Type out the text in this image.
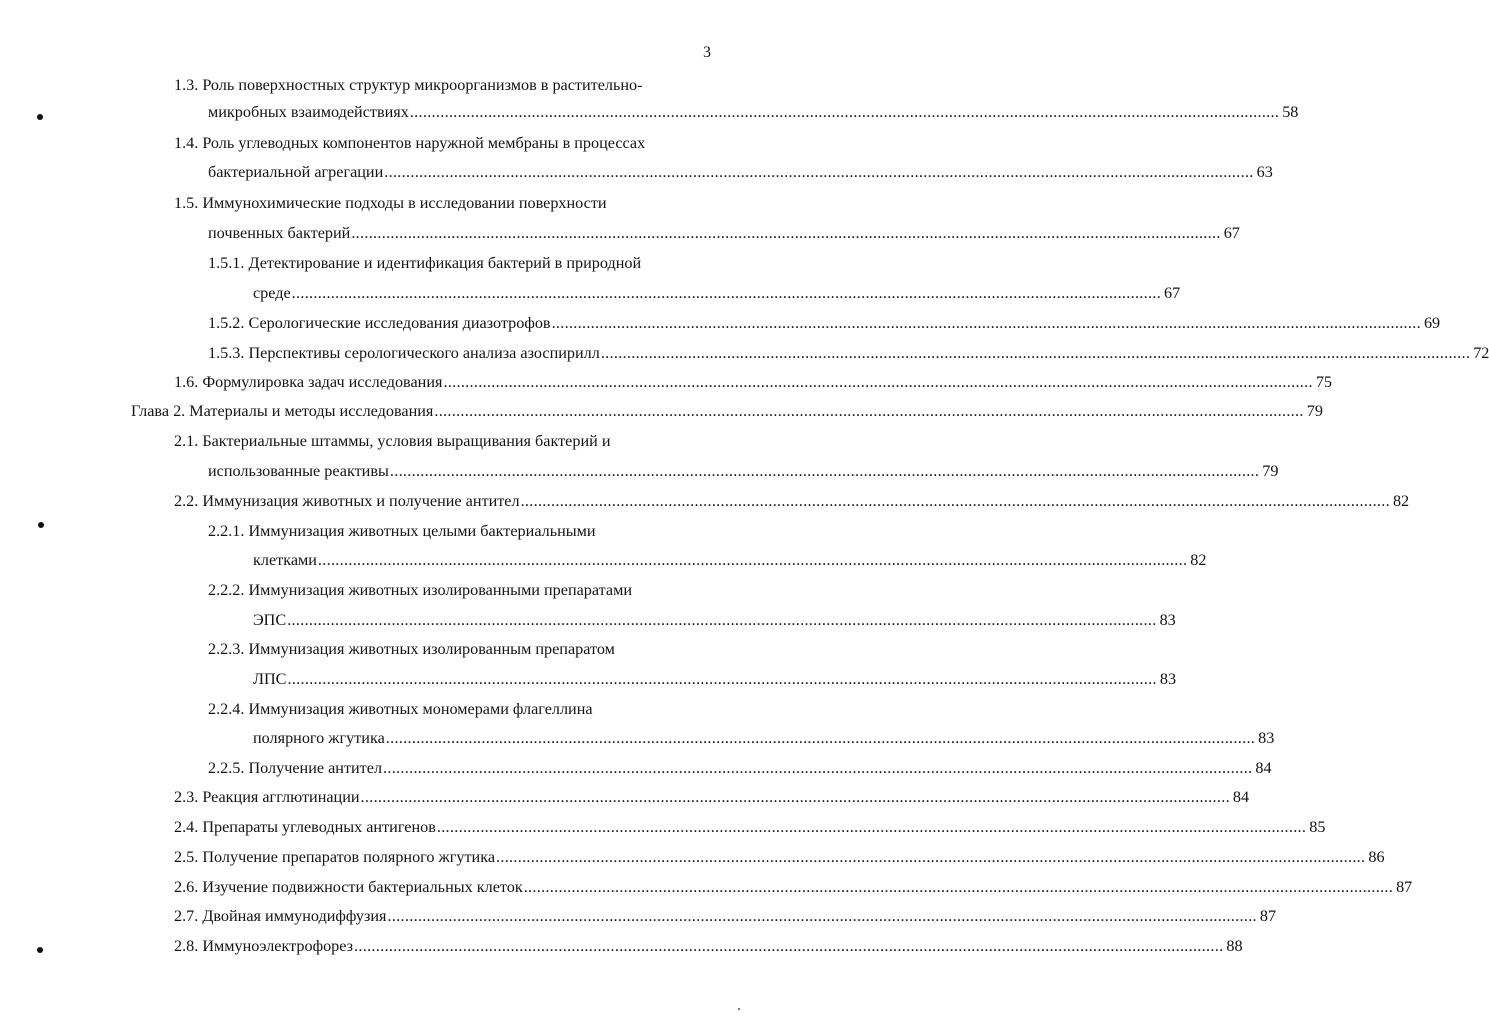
3
1.3. Роль поверхностных структур микроорганизмов в растительно-
микробных взаимодействиях ........................................................................................................................................................................................................ 58
1.4. Роль углеводных компонентов наружной мембраны в процессах
бактериальной агрегации ........................................................................................................................................................................................................ 63
1.5. Иммунохимические подходы в исследовании поверхности
почвенных бактерий ........................................................................................................................................................................................................ 67
1.5.1. Детектирование и идентификация бактерий в природной
среде ........................................................................................................................................................................................................ 67
1.5.2. Серологические исследования диазотрофов ........................................................................................................................................................................................................ 69
1.5.3. Перспективы серологического анализа азоспирилл ........................................................................................................................................................................................................ 72
1.6. Формулировка задач исследования ........................................................................................................................................................................................................ 75
Глава 2. Материалы и методы исследования ........................................................................................................................................................................................................ 79
2.1. Бактериальные штаммы, условия выращивания бактерий и
использованные реактивы ........................................................................................................................................................................................................ 79
2.2. Иммунизация животных и получение антител ........................................................................................................................................................................................................ 82
2.2.1. Иммунизация животных целыми бактериальными
клетками ........................................................................................................................................................................................................ 82
2.2.2. Иммунизация животных изолированными препаратами
ЭПС ........................................................................................................................................................................................................ 83
2.2.3. Иммунизация животных изолированным препаратом
ЛПС ........................................................................................................................................................................................................ 83
2.2.4. Иммунизация животных мономерами флагеллина
полярного жгутика ........................................................................................................................................................................................................ 83
2.2.5. Получение антител ........................................................................................................................................................................................................ 84
2.3. Реакция агглютинации ........................................................................................................................................................................................................ 84
2.4. Препараты углеводных антигенов ........................................................................................................................................................................................................ 85
2.5. Получение препаратов полярного жгутика ........................................................................................................................................................................................................ 86
2.6. Изучение подвижности бактериальных клеток ........................................................................................................................................................................................................ 87
2.7. Двойная иммунодиффузия ........................................................................................................................................................................................................ 87
2.8. Иммуноэлектрофорез ........................................................................................................................................................................................................ 88
